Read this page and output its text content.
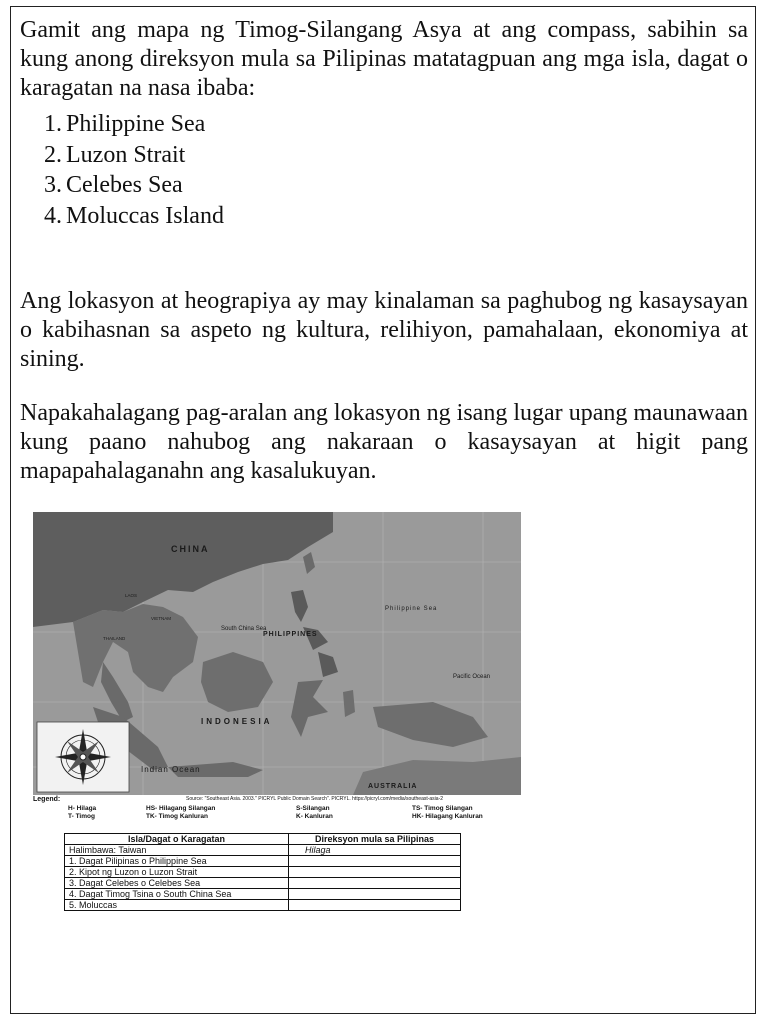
Gamit ang mapa ng Timog-Silangang Asya at ang compass, sabihin sa kung anong direksyon mula sa Pilipinas matatagpuan ang mga isla, dagat o karagatan na nasa ibaba:

1. Philippine Sea
2. Luzon Strait
3. Celebes Sea
4. Moluccas Island

Ang lokasyon at heograpiya ay may kinalaman sa paghubog ng kasaysayan o kabihasnan sa aspeto ng kultura, relihiyon, pamahalaan, ekonomiya at sining.

Napakahalagang pag-aralan ang lokasyon ng isang lugar upang maunawaan kung paano nahubog ang nakaraan o kasaysayan at higit pang mapapahalaganahn ang kasalukuyan.

CHINA
PHILIPPINES
INDONESIA
AUSTRALIA
Indian Ocean
Philippine Sea
South China Sea
Pacific Ocean
VIETNAM
THAILAND
LAOS
Source: "Southeast Asia. 2003." PICRYL Public Domain Search". PICRYL. https://picryl.com/media/southeast-asia-2
Legend:
H- Hilaga
T- Timog
HS- Hilagang Silangan
TK- Timog Kanluran
S-Silangan
K- Kanluran
TS- Timog Silangan
HK- Hilagang Kanluran
Isla/Dagat o Karagatan	Direksyon mula sa Pilipinas
Halimbawa: Taiwan	Hilaga
1. Dagat Pilipinas o Philippine Sea	
2. Kipot ng Luzon o Luzon Strait	
3. Dagat Celebes o Celebes Sea	
4. Dagat Timog Tsina o South China Sea	
5. Moluccas	
